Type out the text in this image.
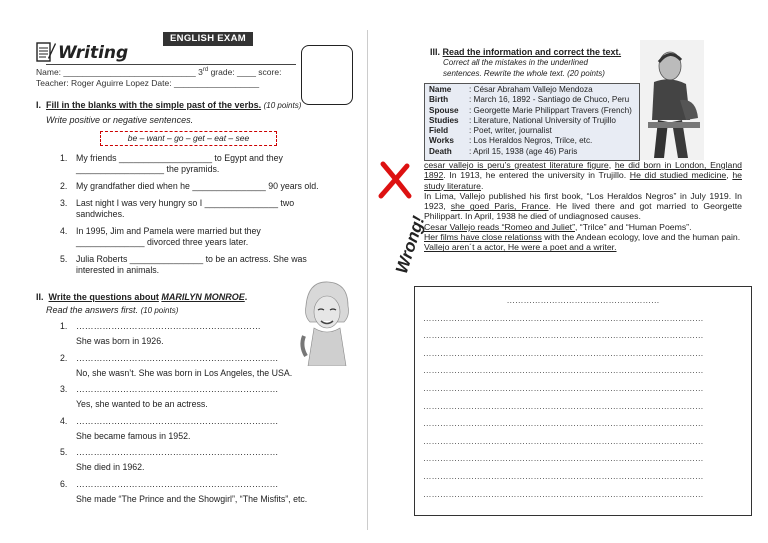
ENGLISH EXAM
Writing
Name: ____________________________ 3rd grade: ____ score:
Teacher: Roger Aguirre Lopez Date: __________________
I. Fill in the blanks with the simple past of the verbs. (10 points)
Write positive or negative sentences.
be – want – go – get – eat – see
1. My friends ___________________ to Egypt and they
__________________ the pyramids.
2. My grandfather died when he _______________ 90 years old.
3. Last night I was very hungry so I _______________ two
sandwiches.
4. In 1995, Jim and Pamela were married but they
______________ divorced three years later.
5. Julia Roberts _______________ to be an actress. She was
interested in animals.
II. Write the questions about MARILYN MONROE.
Read the answers first. (10 points)
1. ………………………………………………………
She was born in 1926.
2. ……………………………………………………………
No, she wasn’t. She was born in Los Angeles, the USA.
3. ……………………………………………………………
Yes, she wanted to be an actress.
4. ……………………………………………………………
She became famous in 1952.
5. ……………………………………………………………
She died in 1962.
6. ……………………………………………………………
She made “The Prince and the Showgirl”, “The Misfits”, etc.
III. Read the information and correct the text.
Correct all the mistakes in the underlined
sentences. Rewrite the whole text. (20 points)
Name : César Abraham Vallejo Mendoza
Birth	: March 16, 1892 - Santiago de Chuco, Peru
Spouse : Georgette Marie Philippart Travers (French)
Studies : Literature, National University of Trujillo
Field	: Poet, writer, journalist
Works : Los Heraldos Negros, Trilce, etc.
Death : April 15, 1938 (age 46) Paris
Wrong!
cesar vallejo is peru’s greatest literature figure, he did born in London, England 1892. In 1913, he entered the university in Trujillo. He did studied medicine, he study literature.
In Lima, Vallejo published his first book, “Los Heraldos Negros” in July 1919. In 1923, she goed Paris, France. He lived there and got married to Georgette Philippart. In April, 1938 he died of undiagnosed causes.
Cesar Vallejo reads “Romeo and Juliet”, “Trilce” and “Human Poems”.
Her films have close relationss with the Andean ecology, love and the human pain.
Vallejo aren´t a actor, He were a poet and a writer.
………………………………………………
………………………………………………………………………………………
………………………………………………………………………………………
………………………………………………………………………………………
………………………………………………………………………………………
………………………………………………………………………………………
………………………………………………………………………………………
………………………………………………………………………………………
………………………………………………………………………………………
………………………………………………………………………………………
………………………………………………………………………………………
………………………………………………………………………………………
